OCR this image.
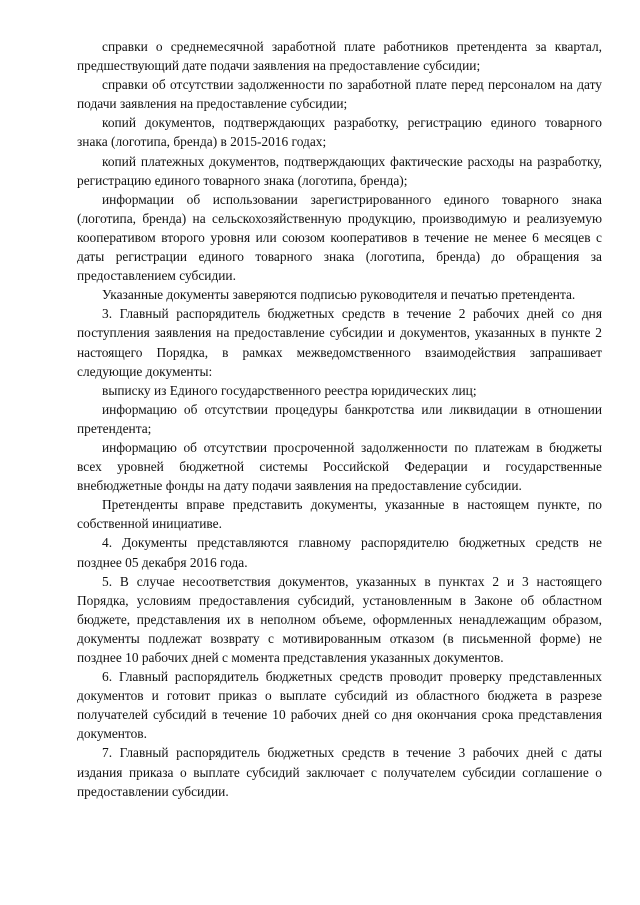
справки о среднемесячной заработной плате работников претендента за квартал, предшествующий дате подачи заявления на предоставление субсидии;

справки об отсутствии задолженности по заработной плате перед персоналом на дату подачи заявления на предоставление субсидии;

копий документов, подтверждающих разработку, регистрацию единого товарного знака (логотипа, бренда) в 2015-2016 годах;

копий платежных документов, подтверждающих фактические расходы на разработку, регистрацию единого товарного знака (логотипа, бренда);

информации об использовании зарегистрированного единого товарного знака (логотипа, бренда) на сельскохозяйственную продукцию, производимую и реализуемую кооперативом второго уровня или союзом кооперативов в течение не менее 6 месяцев с даты регистрации единого товарного знака (логотипа, бренда) до обращения за предоставлением субсидии.

Указанные документы заверяются подписью руководителя и печатью претендента.

3. Главный распорядитель бюджетных средств в течение 2 рабочих дней со дня поступления заявления на предоставление субсидии и документов, указанных в пункте 2 настоящего Порядка, в рамках межведомственного взаимодействия запрашивает следующие документы:

выписку из Единого государственного реестра юридических лиц;

информацию об отсутствии процедуры банкротства или ликвидации в отношении претендента;

информацию об отсутствии просроченной задолженности по платежам в бюджеты всех уровней бюджетной системы Российской Федерации и государственные внебюджетные фонды на дату подачи заявления на предоставление субсидии.

Претенденты вправе представить документы, указанные в настоящем пункте, по собственной инициативе.

4. Документы представляются главному распорядителю бюджетных средств не позднее 05 декабря 2016 года.

5. В случае несоответствия документов, указанных в пунктах 2 и 3 настоящего Порядка, условиям предоставления субсидий, установленным в Законе об областном бюджете, представления их в неполном объеме, оформленных ненадлежащим образом, документы подлежат возврату с мотивированным отказом (в письменной форме) не позднее 10 рабочих дней с момента представления указанных документов.

6. Главный распорядитель бюджетных средств проводит проверку представленных документов и готовит приказ о выплате субсидий из областного бюджета в разрезе получателей субсидий в течение 10 рабочих дней со дня окончания срока представления документов.

7. Главный распорядитель бюджетных средств в течение 3 рабочих дней с даты издания приказа о выплате субсидий заключает с получателем субсидии соглашение о предоставлении субсидии.
